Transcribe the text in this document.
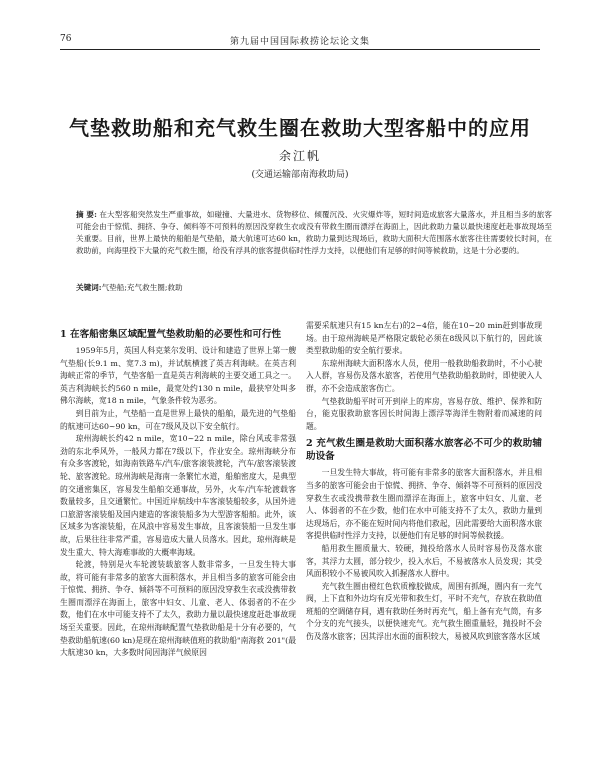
76	第九届中国国际救捞论坛论文集
气垫救助船和充气救生圈在救助大型客船中的应用
余江帆
(交通运输部南海救助局)

摘 要: 在大型客船突然发生严重事故，如碰撞、大量进水、货物移位、倾覆沉没、火灾爆炸等，短时间造成旅客大量落水，并且相当多的旅客可能会由于惊慌、拥挤、争夺、倾料等不可预料的原因没穿救生衣或没有带救生圈而漂浮在海面上，因此救助力量以最快速度赶赴事故现场至关重要。目前，世界上最快的船舶是气垫船，最大航速可达60 kn，救助力量到达现场后，救助大面积大范围落水旅客往往需要较长时间，在救助前，向海里投下大量的充气救生圈，给没有浮具的旅客提供临时性浮力支持，以便他们有足够的时间等候救助，这是十分必要的。

关键词:气垫船;充气救生圈;救助
1 在客船密集区域配置气垫救助船的必要性和可行性

1959年5月，英国人科克莱尔发明、设计和建造了世界上第一艘气垫船(长9.1 m、宽7.3 m)，并试航横渡了英吉利海峡。在英吉利海峡正常的季节，气垫客船一直是英吉利海峡的主要交通工具之一。英吉利海峡长约560 n mile，最宽处约130 n mile，最狭窄处叫多佛尔海峡，宽18 n mile，气象条件较为恶劣。

到目前为止，气垫船一直是世界上最快的船舶，最先进的气垫船的航速可达60~90 kn，可在7级风及以下安全航行。

琼州海峡长约42 n mile，宽10~22 n mile，除台风或非常强劲的东北季风外，一般风力都在7级以下，作业安全。琼州海峡分布有众多客渡轮，如海南铁路车/汽车/旅客滚装渡轮，汽车/旅客滚装渡轮、旅客渡轮。琼州海峡是海南一条繁忙水道，船舶密度大，是典型的交通密集区，容易发生船舶交通事故，另外，火车/汽车轮渡载客数量较多，且交通繁忙。中国近岸航线中车客滚装船较多，从国外进口旅游客滚装船及国内建造的客滚装船多为大型游客船舶。此外，该区域多为客滚装船，在风浪中容易发生事故，且客滚装船一旦发生事故，后果往往非常严重，容易造成大量人员落水。因此，琼州海峡是发生重大、特大海难事故的大概率海域。

轮渡，特别是火车轮渡装载旅客人数非常多，一旦发生特大事故，将可能有非常多的旅客大面积落水，并且相当多的旅客可能会由于惊慌、拥挤、争夺、倾斜等不可预料的原因没穿救生衣或没携带救生圈而漂浮在海面上，旅客中妇女、儿童、老人、体弱者的不在少数，他们在水中可能支持不了太久，救助力量以最快速度赶赴事故现场至关重要。因此，在琼州海峡配置气垫救助船是十分有必要的，气垫救助船航速(60 kn)是现在琼州海峡值班的救助船"南海救 201"(最大航速30 kn，大多数时间因海洋气候原因

需要采航速只有15 kn左右)的2~4倍，能在10~20 min赶到事故现场。由于琼州海峡是严格限定载轮必须在8级风以下航行的，因此该类型救助船的安全航行要求。

东琼州海峡大面积落水人员，使用一般救助船救助时，不小心驶入人群，容易伤及落水旅客，若使用气垫救助船救助时，即使驶入人群，亦不会造成旅客伤亡。

气垫救助船平时可开到岸上的库房，容易存放、维护、保养和防台，能克服救助旅客因长时间海上漂浮等海洋生物附着而减速的问题。

2 充气救生圈是救助大面积落水旅客必不可少的救助辅助设备

一旦发生特大事故，将可能有非常多的旅客大面积落水，并且相当多的旅客可能会由于惊慌、拥挤、争夺、倾斜等不可预料的原因没穿救生衣或没携带救生圈而漂浮在海面上，旅客中妇女、儿童、老人、体弱者的不在少数，他们在水中可能支持不了太久，救助力量到达现场后，亦不能在短时间内将他们救起，因此需要给大面积落水旅客提供临时性浮力支持，以便他们有足够的时间等候救援。

船用救生圈质量大、较硬，抛投给落水人员时容易伤及落水旅客，其浮力太圆，部分较少，投入水后，不易被落水人员发现；其受风面积较小不易被风吹入抓握落水人群中。

充气救生圈由橙红色软质橡胶做成，周围有抓绳，圈内有一充气阀，上下直和外边均有反光带和救生灯，平时不充气，存放在救助值班船的空调储存间，遇有救助任务时再充气，船上备有充气筒，有多个分支的充气接头，以便快速充气。充气救生圈重量轻，抛投时不会伤及落水旅客；因其浮出水面的面积较大，易被风吹到旅客落水区域
